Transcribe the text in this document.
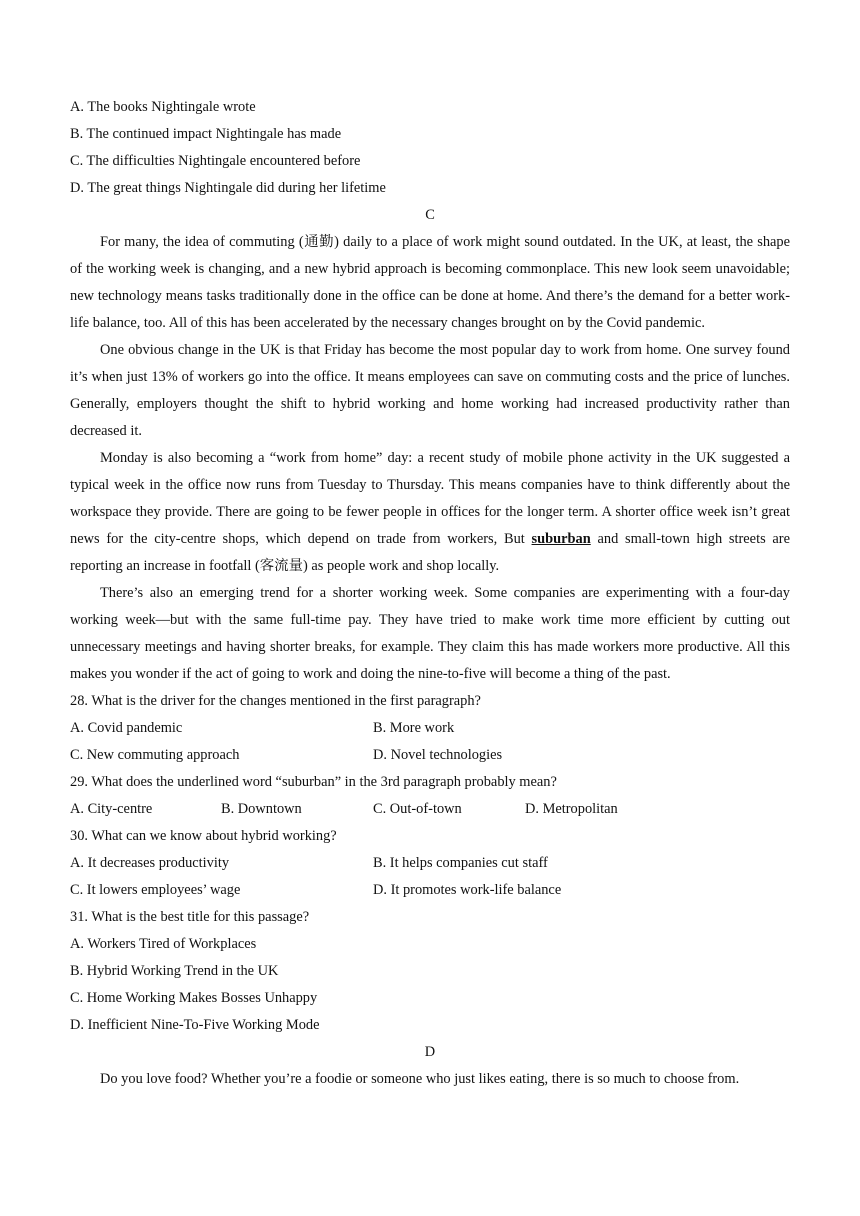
A. The books Nightingale wrote
B. The continued impact Nightingale has made
C. The difficulties Nightingale encountered before
D. The great things Nightingale did during her lifetime
C

For many, the idea of commuting (通勤) daily to a place of work might sound outdated. In the UK, at least, the shape of the working week is changing, and a new hybrid approach is becoming commonplace. This new look seem unavoidable; new technology means tasks traditionally done in the office can be done at home. And there’s the demand for a better work-life balance, too. All of this has been accelerated by the necessary changes brought on by the Covid pandemic.

One obvious change in the UK is that Friday has become the most popular day to work from home. One survey found it’s when just 13% of workers go into the office. It means employees can save on commuting costs and the price of lunches. Generally, employers thought the shift to hybrid working and home working had increased productivity rather than decreased it.

Monday is also becoming a “work from home” day: a recent study of mobile phone activity in the UK suggested a typical week in the office now runs from Tuesday to Thursday. This means companies have to think differently about the workspace they provide. There are going to be fewer people in offices for the longer term. A shorter office week isn’t great news for the city-centre shops, which depend on trade from workers, But suburban and small-town high streets are reporting an increase in footfall (客流量) as people work and shop locally.

There’s also an emerging trend for a shorter working week. Some companies are experimenting with a four-day working week—but with the same full-time pay. They have tried to make work time more efficient by cutting out unnecessary meetings and having shorter breaks, for example. They claim this has made workers more productive. All this makes you wonder if the act of going to work and doing the nine-to-five will become a thing of the past.

28. What is the driver for the changes mentioned in the first paragraph?
A. Covid pandemic	B. More work
C. New commuting approach	D. Novel technologies
29. What does the underlined word “suburban” in the 3rd paragraph probably mean?
A. City-centre	B. Downtown	C. Out-of-town	D. Metropolitan
30. What can we know about hybrid working?
A. It decreases productivity	B. It helps companies cut staff
C. It lowers employees’ wage	D. It promotes work-life balance
31. What is the best title for this passage?
A. Workers Tired of Workplaces
B. Hybrid Working Trend in the UK
C. Home Working Makes Bosses Unhappy
D. Inefficient Nine-To-Five Working Mode
D

Do you love food? Whether you’re a foodie or someone who just likes eating, there is so much to choose from.
